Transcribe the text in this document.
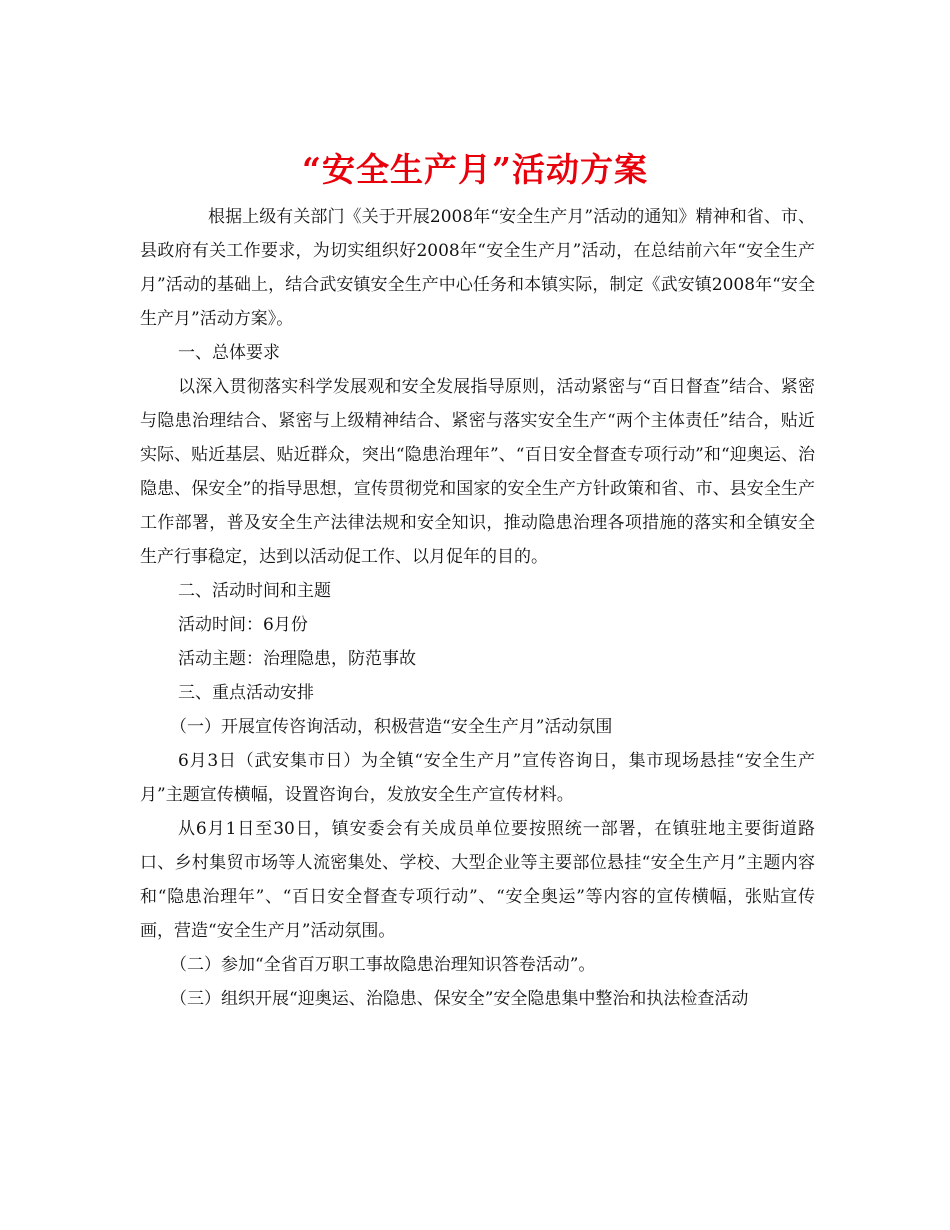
“安全生产月”活动方案

根据上级有关部门《关于开展2008年“安全生产月”活动的通知》精神和省、市、县政府有关工作要求，为切实组织好2008年“安全生产月”活动，在总结前六年“安全生产月”活动的基础上，结合武安镇安全生产中心任务和本镇实际，制定《武安镇2008年“安全生产月”活动方案》。

一、总体要求

以深入贯彻落实科学发展观和安全发展指导原则，活动紧密与“百日督查”结合、紧密与隐患治理结合、紧密与上级精神结合、紧密与落实安全生产“两个主体责任”结合，贴近实际、贴近基层、贴近群众，突出“隐患治理年”、“百日安全督查专项行动”和“迎奥运、治隐患、保安全”的指导思想，宣传贯彻党和国家的安全生产方针政策和省、市、县安全生产工作部署，普及安全生产法律法规和安全知识，推动隐患治理各项措施的落实和全镇安全生产行事稳定，达到以活动促工作、以月促年的目的。

二、活动时间和主题

活动时间：6月份

活动主题：治理隐患，防范事故

三、重点活动安排

（一）开展宣传咨询活动，积极营造“安全生产月”活动氛围

6月3日（武安集市日）为全镇“安全生产月”宣传咨询日，集市现场悬挂“安全生产月”主题宣传横幅，设置咨询台，发放安全生产宣传材料。

从6月1日至30日，镇安委会有关成员单位要按照统一部署，在镇驻地主要街道路口、乡村集贸市场等人流密集处、学校、大型企业等主要部位悬挂“安全生产月”主题内容和“隐患治理年”、“百日安全督查专项行动”、“安全奥运”等内容的宣传横幅，张贴宣传画，营造“安全生产月”活动氛围。

（二）参加“全省百万职工事故隐患治理知识答卷活动”。

（三）组织开展“迎奥运、治隐患、保安全”安全隐患集中整治和执法检查活动
